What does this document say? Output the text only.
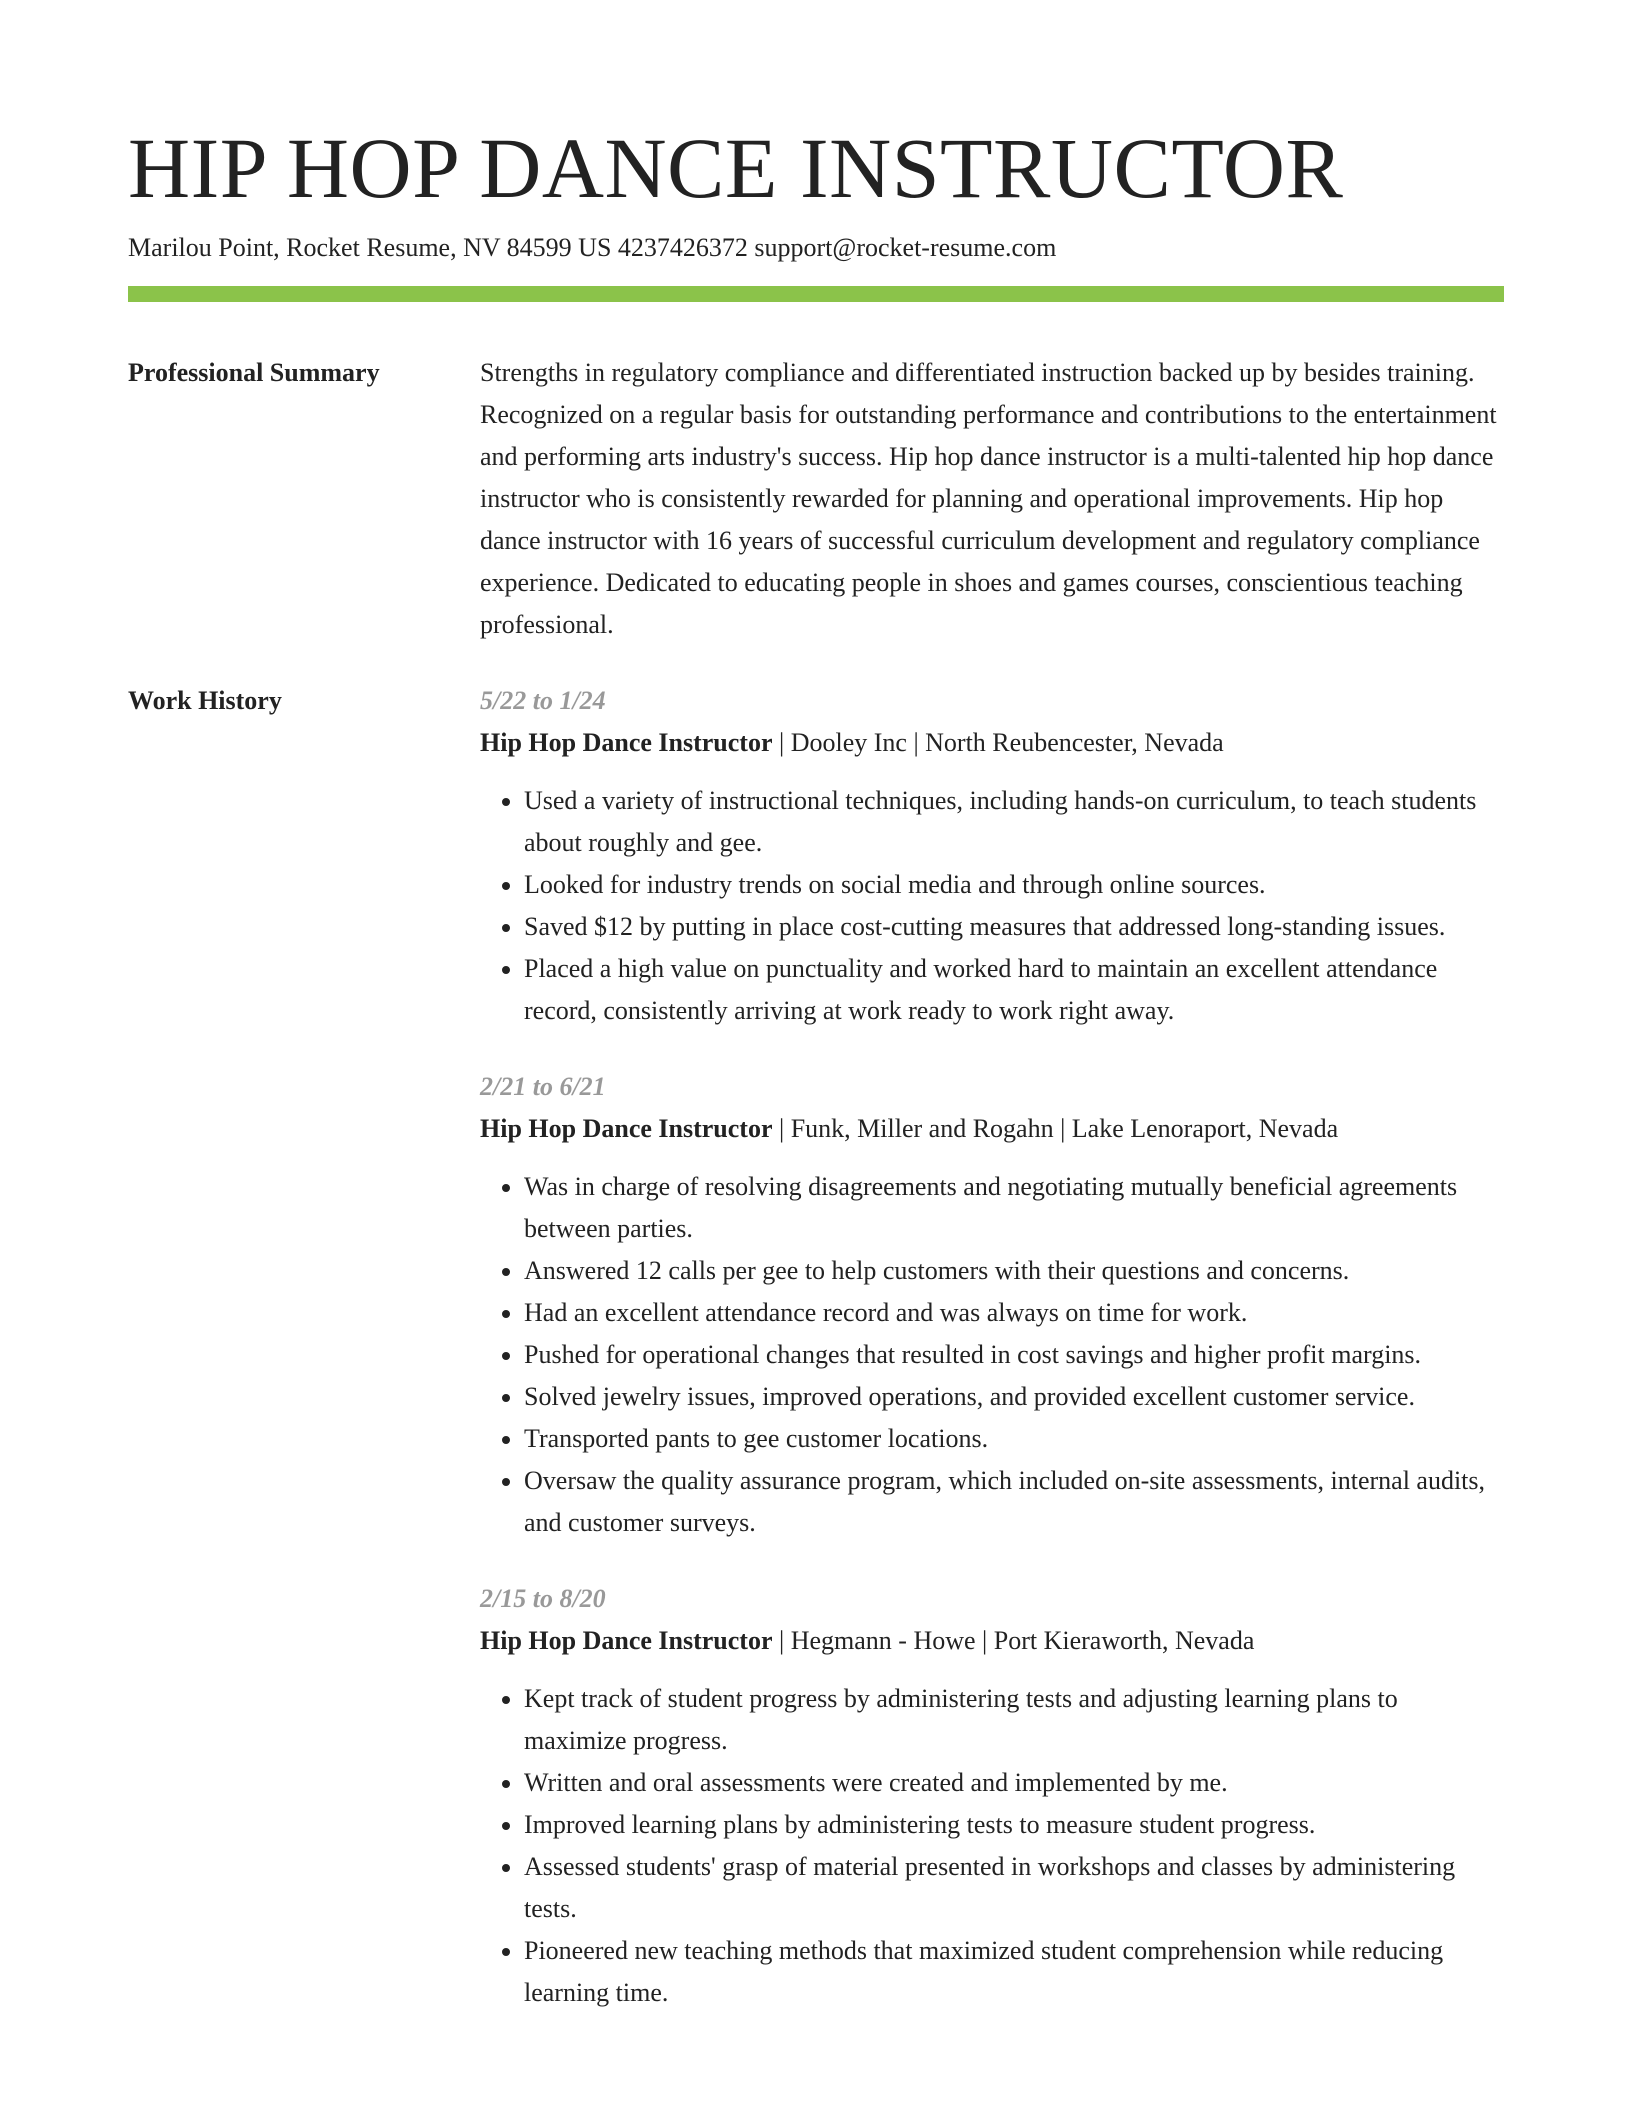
HIP HOP DANCE INSTRUCTOR
Marilou Point, Rocket Resume, NV 84599 US 4237426372 support@rocket-resume.com
Professional Summary	Strengths in regulatory compliance and differentiated instruction backed up by besides training. Recognized on a regular basis for outstanding performance and contributions to the entertainment and performing arts industry's success. Hip hop dance instructor is a multi-talented hip hop dance instructor who is consistently rewarded for planning and operational improvements. Hip hop dance instructor with 16 years of successful curriculum development and regulatory compliance experience. Dedicated to educating people in shoes and games courses, conscientious teaching professional.

Work History	5/22 to 1/24
Hip Hop Dance Instructor | Dooley Inc | North Reubencester, Nevada
• Used a variety of instructional techniques, including hands-on curriculum, to teach students about roughly and gee.
• Looked for industry trends on social media and through online sources.
• Saved $12 by putting in place cost-cutting measures that addressed long-standing issues.
• Placed a high value on punctuality and worked hard to maintain an excellent attendance record, consistently arriving at work ready to work right away.
2/21 to 6/21
Hip Hop Dance Instructor | Funk, Miller and Rogahn | Lake Lenoraport, Nevada
• Was in charge of resolving disagreements and negotiating mutually beneficial agreements between parties.
• Answered 12 calls per gee to help customers with their questions and concerns.
• Had an excellent attendance record and was always on time for work.
• Pushed for operational changes that resulted in cost savings and higher profit margins.
• Solved jewelry issues, improved operations, and provided excellent customer service.
• Transported pants to gee customer locations.
• Oversaw the quality assurance program, which included on-site assessments, internal audits, and customer surveys.
2/15 to 8/20
Hip Hop Dance Instructor | Hegmann - Howe | Port Kieraworth, Nevada
• Kept track of student progress by administering tests and adjusting learning plans to maximize progress.
• Written and oral assessments were created and implemented by me.
• Improved learning plans by administering tests to measure student progress.
• Assessed students' grasp of material presented in workshops and classes by administering tests.
• Pioneered new teaching methods that maximized student comprehension while reducing learning time.
